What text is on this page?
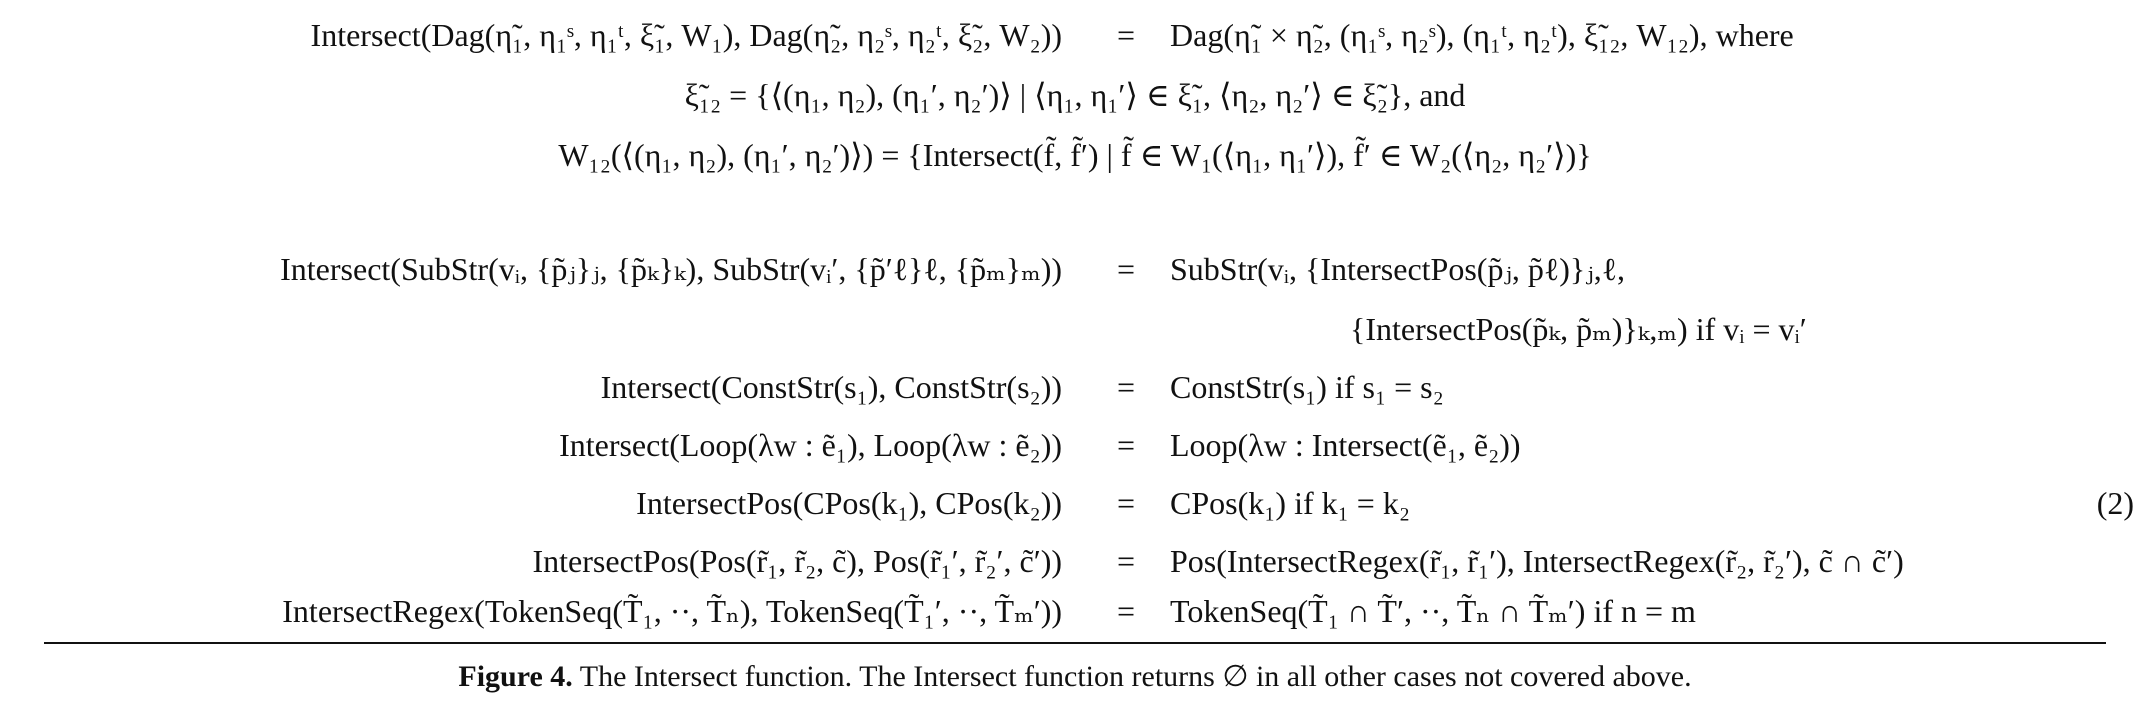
Intersect(Dag(η̃₁, η₁ˢ, η₁ᵗ, ξ̃₁, W₁), Dag(η̃₂, η₂ˢ, η₂ᵗ, ξ̃₂, W₂))	=	Dag(η̃₁ × η̃₂, (η₁ˢ, η₂ˢ), (η₁ᵗ, η₂ᵗ), ξ̃₁₂, W₁₂), where
ξ̃₁₂ = {⟨(η₁, η₂), (η₁′, η₂′)⟩ | ⟨η₁, η₁′⟩ ∈ ξ̃₁, ⟨η₂, η₂′⟩ ∈ ξ̃₂}, and
W₁₂(⟨(η₁, η₂), (η₁′, η₂′)⟩) = {Intersect(f̃, f̃′) | f̃ ∈ W₁(⟨η₁, η₁′⟩), f̃′ ∈ W₂(⟨η₂, η₂′⟩)}
Intersect(SubStr(vᵢ, {p̃ⱼ}ⱼ, {p̃ₖ}ₖ), SubStr(vᵢ′, {p̃′ℓ}ℓ, {p̃ₘ}ₘ))	=	SubStr(vᵢ, {IntersectPos(p̃ⱼ, p̃ℓ)}ⱼ,ℓ,
{IntersectPos(p̃ₖ, p̃ₘ)}ₖ,ₘ) if vᵢ = vᵢ′
Intersect(ConstStr(s₁), ConstStr(s₂))	=	ConstStr(s₁) if s₁ = s₂
Intersect(Loop(λw : ẽ₁), Loop(λw : ẽ₂))	=	Loop(λw : Intersect(ẽ₁, ẽ₂))
IntersectPos(CPos(k₁), CPos(k₂))	=	CPos(k₁) if k₁ = k₂	(2)
IntersectPos(Pos(r̃₁, r̃₂, c̃), Pos(r̃₁′, r̃₂′, c̃′))	=	Pos(IntersectRegex(r̃₁, r̃₁′), IntersectRegex(r̃₂, r̃₂′), c̃ ∩ c̃′)
IntersectRegex(TokenSeq(T̃₁, ··, T̃ₙ), TokenSeq(T̃₁′, ··, T̃ₘ′))	=	TokenSeq(T̃₁ ∩ T̃′, ··, T̃ₙ ∩ T̃ₘ′) if n = m
Figure 4. The Intersect function. The Intersect function returns ∅ in all other cases not covered above.
